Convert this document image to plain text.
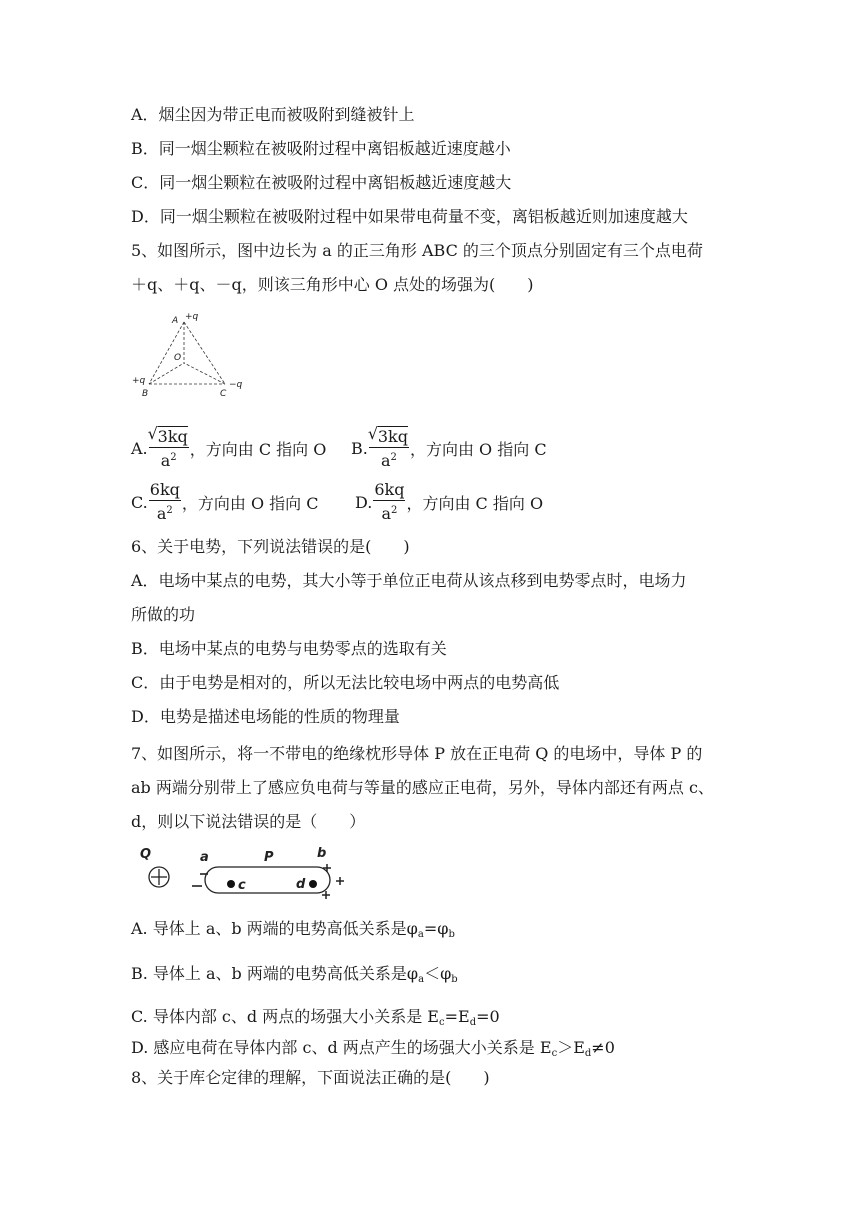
A．烟尘因为带正电而被吸附到缝被针上
B．同一烟尘颗粒在被吸附过程中离铝板越近速度越小
C．同一烟尘颗粒在被吸附过程中离铝板越近速度越大
D．同一烟尘颗粒在被吸附过程中如果带电荷量不变，离铝板越近则加速度越大
5、如图所示，图中边长为 a 的正三角形 ABC 的三个顶点分别固定有三个点电荷
＋q、＋q、－q，则该三角形中心 O 点处的场强为(　　)
A +q
O
+q
B	C
−q
A. √ $\frac{3kq}{a^2}$ ，方向由 C 指向 O B. √ $\frac{3kq}{a^2}$ ，方向由 O 指向 C
C. $\frac{6kq}{a^2}$ ，方向由 O 指向 C D. $\frac{6kq}{a^2}$ ，方向由 C 指向 O
6、关于电势，下列说法错误的是(　　)
A．电场中某点的电势，其大小等于单位正电荷从该点移到电势零点时，电场力
所做的功
B．电场中某点的电势与电势零点的选取有关
C．由于电势是相对的，所以无法比较电场中两点的电势高低
D．电势是描述电场能的性质的物理量
7、如图所示，将一不带电的绝缘枕形导体 P 放在正电荷 Q 的电场中，导体 P 的
ab 两端分别带上了感应负电荷与等量的感应正电荷，另外，导体内部还有两点 c、
d，则以下说法错误的是（　　）
Q	a	P	b
c	d
A. 导体上 a、b 两端的电势高低关系是$\varphi_a=\varphi_b$
B. 导体上 a、b 两端的电势高低关系是$\varphi_a<\varphi_b$
C. 导体内部 c、d 两点的场强大小关系是 $E_c=E_d=0$
D. 感应电荷在导体内部 c、d 两点产生的场强大小关系是 $E_c>E_d\ne 0$
8、关于库仑定律的理解，下面说法正确的是(　　)
